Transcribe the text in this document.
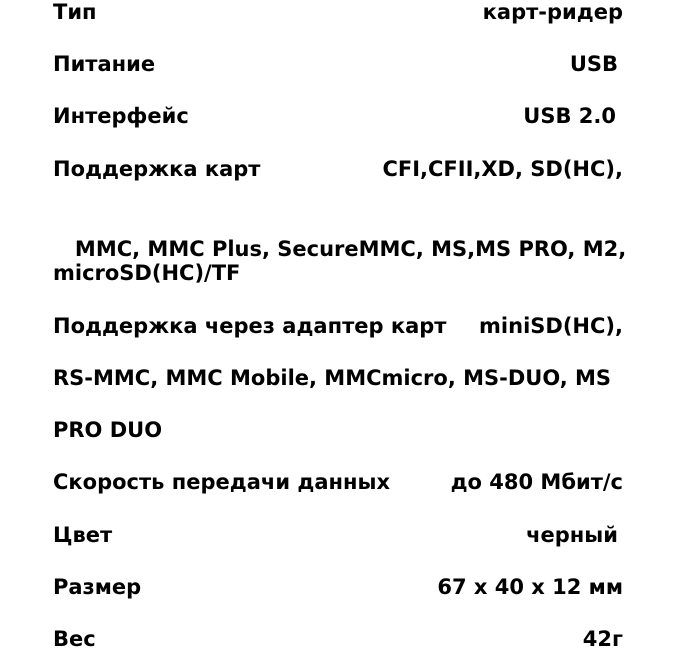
Тип	карт-ридер
Питание	USB
Интерфейс	USB 2.0
Поддержка карт	CFI,CFII,XD, SD(HC),

MMC, MMC Plus, SecureMMC, MS,MS PRO, M2,

microSD(HC)/TF
Поддержка через адаптер карт miniSD(HC),
RS-MMC, MMC Mobile, MMCmicro, MS-DUO, MS
PRO DUO
Скорость передачи данных	до 480 Мбит/с
Цвет	черный
Размер	67 x 40 x 12 мм
Вес	42г
